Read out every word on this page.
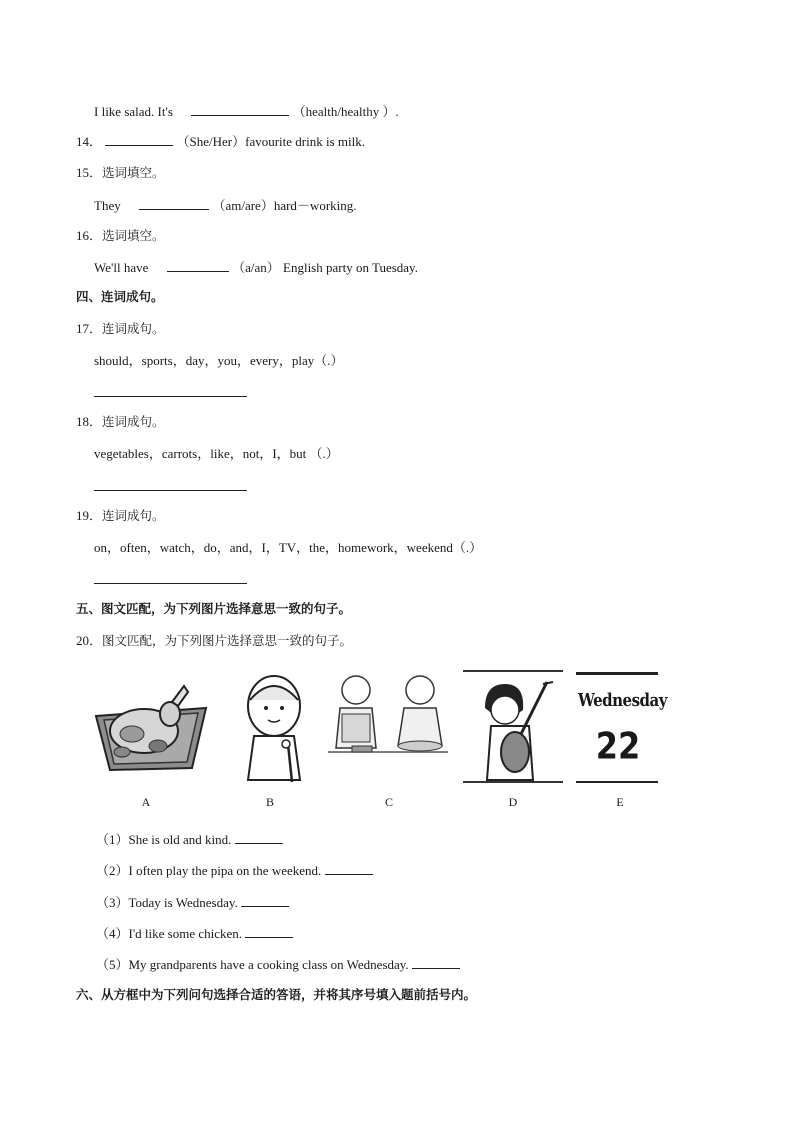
I like salad. It's	（health/healthy ）.
14．	（She/Her）favourite drink is milk.
15．选词填空。
They	（am/are）hard－working.
16．选词填空。
We'll have	（a/an） English party on Tuesday.
四、连词成句。
17．连词成句。
should，sports，day，you，every，play（.）
18．连词成句。
vegetables，carrots，like，not，I，but （.）
19．连词成句。
on，often，watch，do，and，I，TV，the，homework，weekend（.）
五、图文匹配，为下列图片选择意思一致的句子。
20．图文匹配，为下列图片选择意思一致的句子。
A	B	C	D
Wednesday
22
E
（1）She is old and kind.
（2）I often play the pipa on the weekend.
（3）Today is Wednesday.
（4）I'd like some chicken.
（5）My grandparents have a cooking class on Wednesday.
六、从方框中为下列问句选择合适的答语，并将其序号填入题前括号内。
